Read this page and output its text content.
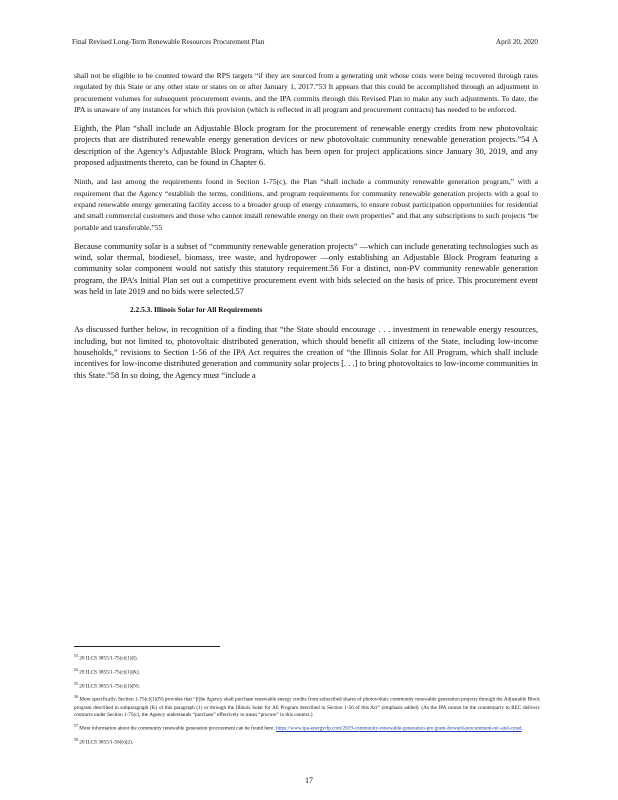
Final Revised Long-Term Renewable Resources Procurement Plan	April 20, 2020

shall not be eligible to be counted toward the RPS targets “if they are sourced from a generating unit whose costs were being recovered through rates regulated by this State or any other state or states on or after January 1, 2017.”53 It appears that this could be accomplished through an adjustment in procurement volumes for subsequent procurement events, and the IPA commits through this Revised Plan to make any such adjustments. To date, the IPA is unaware of any instances for which this provision (which is reflected in all program and procurement contracts) has needed to be enforced.

Eighth, the Plan “shall include an Adjustable Block program for the procurement of renewable energy credits from new photovoltaic projects that are distributed renewable energy generation devices or new photovoltaic community renewable generation projects.”54 A description of the Agency’s Adjustable Block Program, which has been open for project applications since January 30, 2019, and any proposed adjustments thereto, can be found in Chapter 6.

Ninth, and last among the requirements found in Section 1-75(c), the Plan “shall include a community renewable generation program,” with a requirement that the Agency “establish the terms, conditions, and program requirements for community renewable generation projects with a goal to expand renewable energy generating facility access to a broader group of energy consumers, to ensure robust participation opportunities for residential and small commercial customers and those who cannot install renewable energy on their own properties” and that any subscriptions to such projects “be portable and transferable.”55

Because community solar is a subset of “community renewable generation projects” —which can include generating technologies such as wind, solar thermal, biodiesel, biomass, tree waste, and hydropower —only establishing an Adjustable Block Program featuring a community solar component would not satisfy this statutory requirement.56 For a distinct, non-PV community renewable generation program, the IPA’s Initial Plan set out a competitive procurement event with bids selected on the basis of price. This procurement event was held in late 2019 and no bids were selected.57

2.2.5.3. Illinois Solar for All Requirements

As discussed further below, in recognition of a finding that “the State should encourage . . . investment in renewable energy resources, including, but not limited to, photovoltaic distributed generation, which should benefit all citizens of the State, including low-income households,” revisions to Section 1-56 of the IPA Act requires the creation of “the Illinois Solar for All Program, which shall include incentives for low-income distributed generation and community solar projects [. . .] to bring photovoltaics to low-income communities in this State.”58 In so doing, the Agency must “include a

$^{53}$ 20 ILCS 3855/1-75(c)(1)(I).

$^{54}$ 20 ILCS 3855/1-75(c)(1)(K).

$^{55}$ 20 ILCS 3855/1-75(c)(1)(N).

$^{56}$ More specifically, Section 1-75(c)(1)(N) provides that “[t]he Agency shall purchase renewable energy credits from subscribed shares of photovoltaic community renewable generation projects through the Adjustable Block program described in subparagraph (K) of this paragraph (1) or through the Illinois Solar for All Program described in Section 1-56 of this Act” (emphasis added). (As the IPA cannot be the counterparty to REC delivery contracts under Section 1-75(c), the Agency understands “purchase” effectively to mean “procure” in this context.)

$^{57}$ More information about the community renewable generation procurement can be found here: https://www.ipa-energyrfp.com/2019-community-renewable-generation-pro gram-forward-procurement-rec-and-cmsd.

$^{58}$ 20 ILCS 3855/1-56(b)(2).

17
